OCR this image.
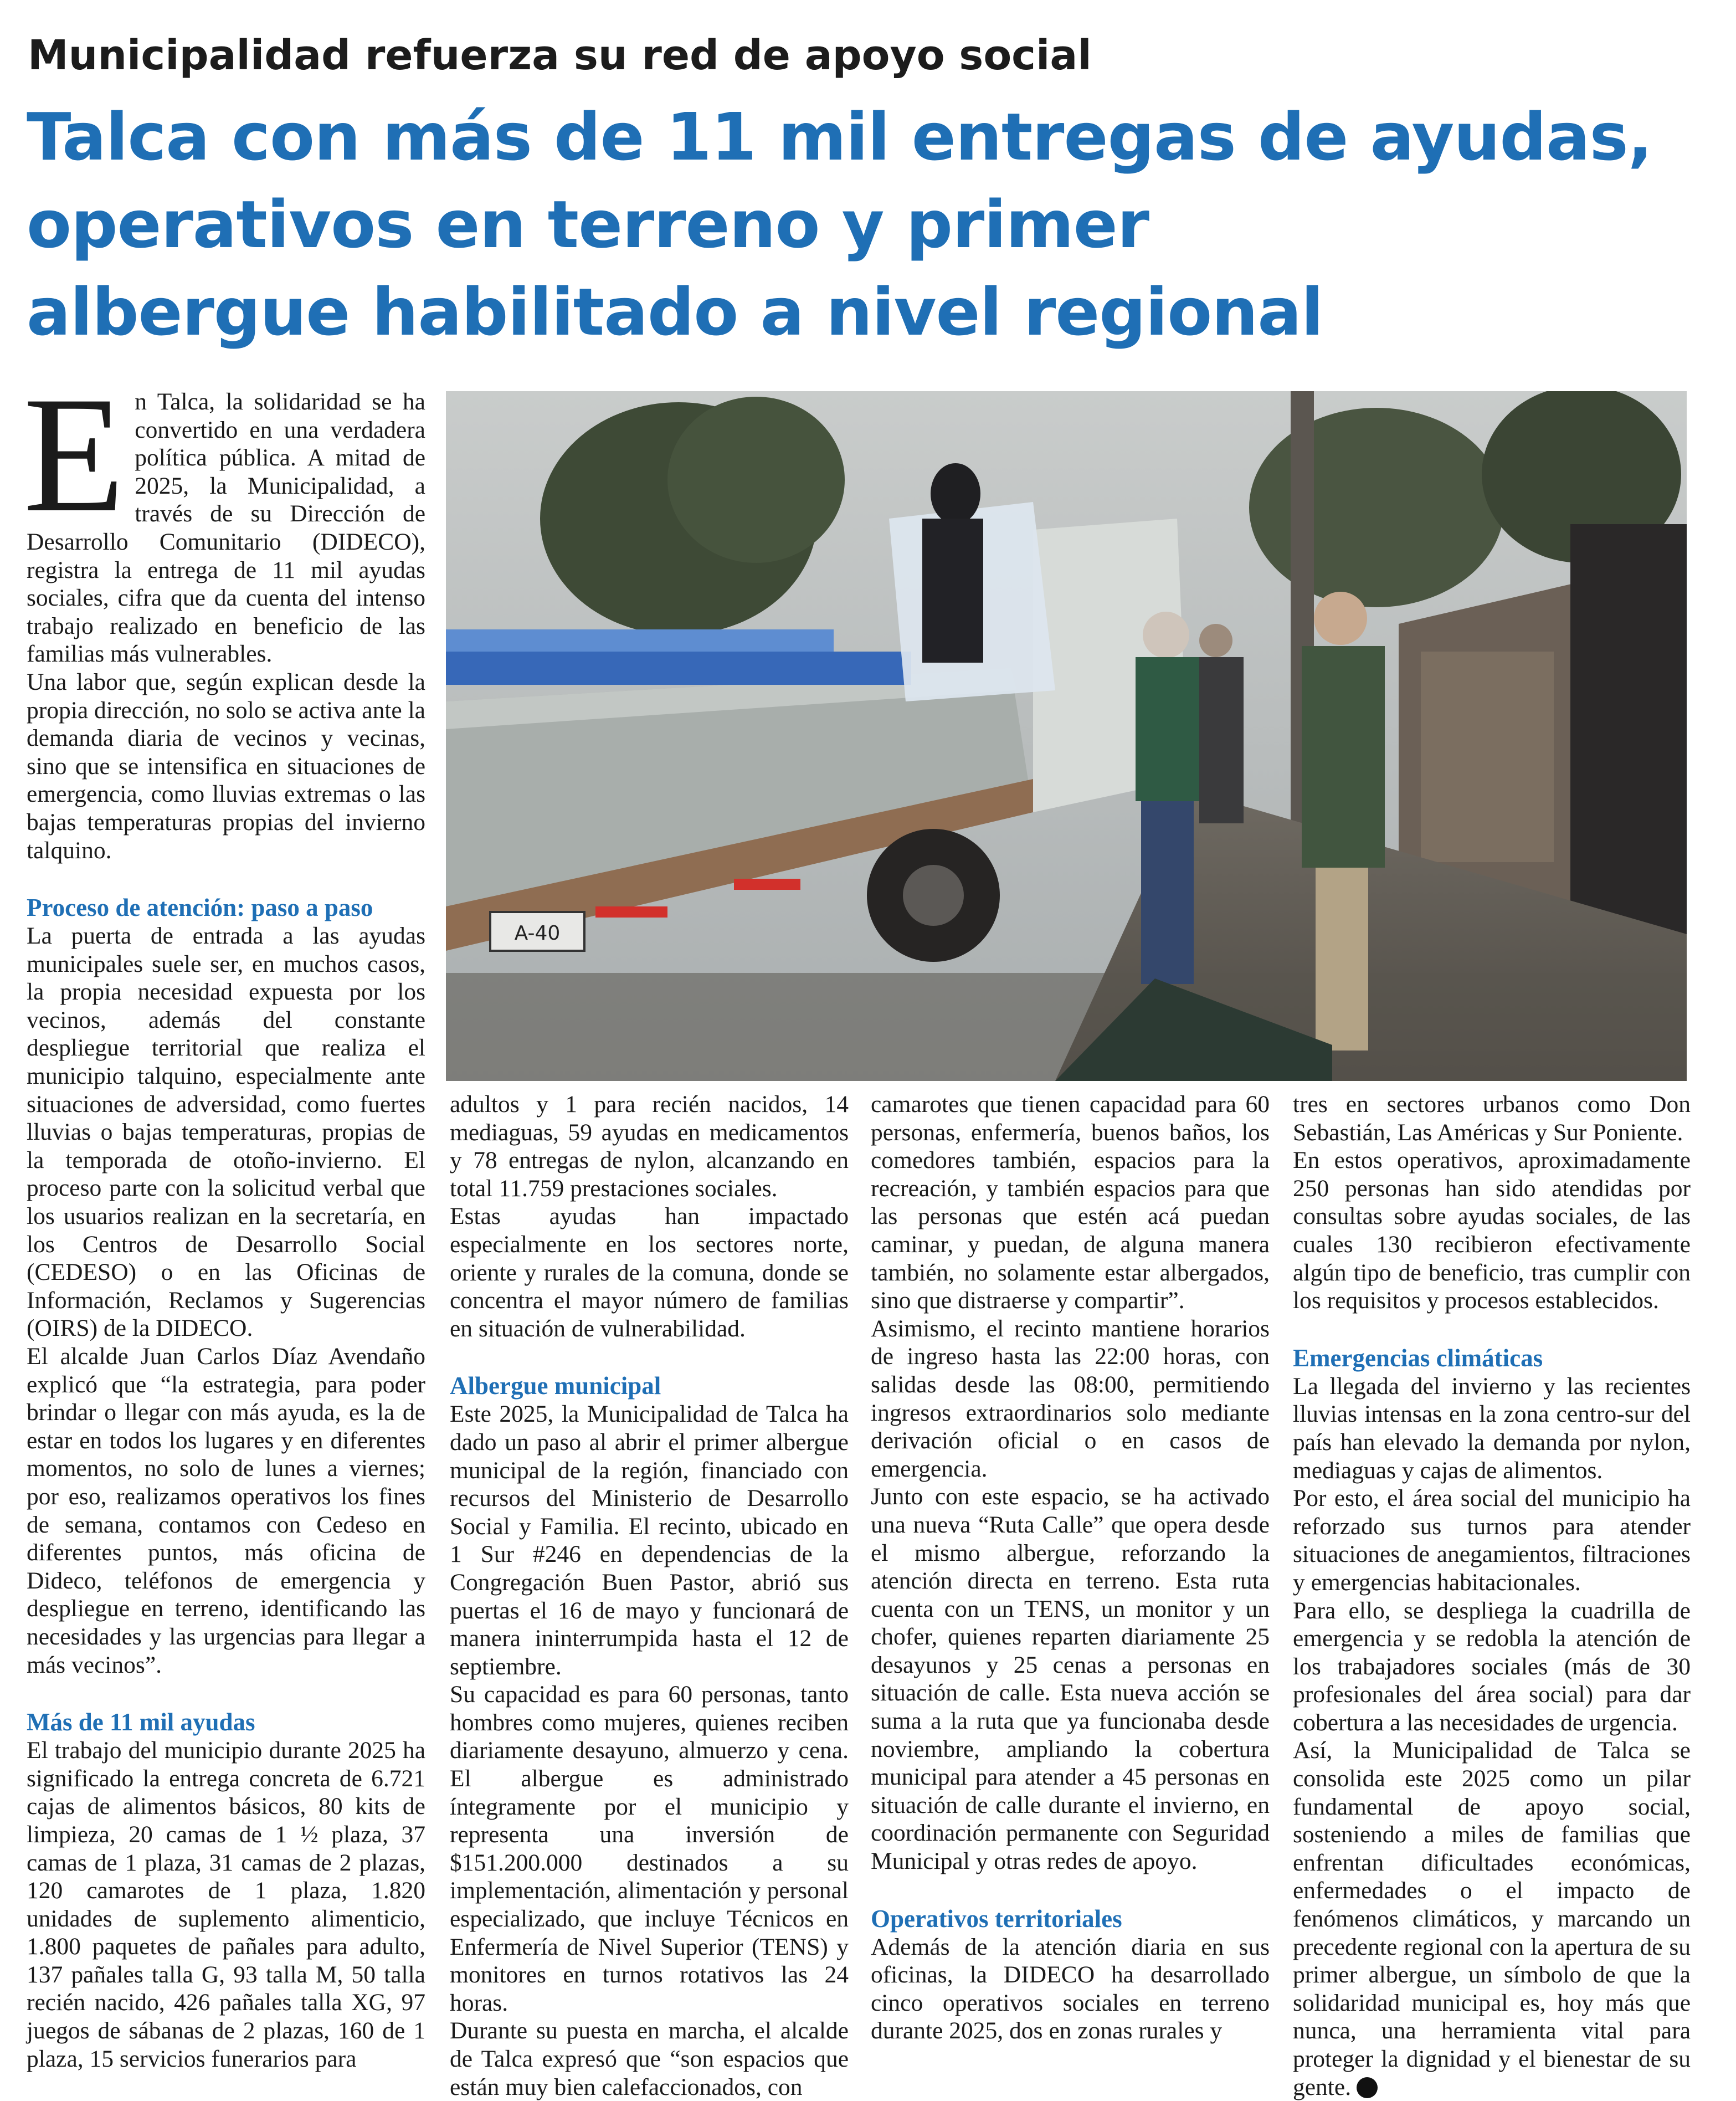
Municipalidad refuerza su red de apoyo social
Talca con más de 11 mil entregas de ayudas,
operativos en terreno y primer
albergue habilitado a nivel regional
A-40
E n Talca, la solidaridad se ha convertido en una verdadera política pública. A mitad de 2025, la Municipalidad, a través de su Dirección de Desarrollo Comunitario (DIDECO), registra la entrega de 11 mil ayudas sociales, cifra que da cuenta del intenso trabajo realizado en beneficio de las familias más vulnerables.

Una labor que, según explican desde la propia dirección, no solo se activa ante la demanda diaria de vecinos y vecinas, sino que se intensifica en situaciones de emergencia, como lluvias extremas o las bajas temperaturas propias del invierno talquino.

Proceso de atención: paso a paso

La puerta de entrada a las ayudas municipales suele ser, en muchos casos, la propia necesidad expuesta por los vecinos, además del constante despliegue territorial que realiza el municipio talquino, especialmente ante situaciones de adversidad, como fuertes lluvias o bajas temperaturas, propias de la temporada de otoño-invierno. El proceso parte con la solicitud verbal que los usuarios realizan en la secretaría, en los Centros de Desarrollo Social (CEDESO) o en las Oficinas de Información, Reclamos y Sugerencias (OIRS) de la DIDECO.

El alcalde Juan Carlos Díaz Avendaño explicó que “la estrategia, para poder brindar o llegar con más ayuda, es la de estar en todos los lugares y en diferentes momentos, no solo de lunes a viernes; por eso, realizamos operativos los fines de semana, contamos con Cedeso en diferentes puntos, más oficina de Dideco, teléfonos de emergencia y despliegue en terreno, identificando las necesidades y las urgencias para llegar a más vecinos”.

Más de 11 mil ayudas

El trabajo del municipio durante 2025 ha significado la entrega concreta de 6.721 cajas de alimentos básicos, 80 kits de limpieza, 20 camas de 1 ½ plaza, 37 camas de 1 plaza, 31 camas de 2 plazas, 120 camarotes de 1 plaza, 1.820 unidades de suplemento alimenticio, 1.800 paquetes de pañales para adulto, 137 pañales talla G, 93 talla M, 50 talla recién nacido, 426 pañales talla XG, 97 juegos de sábanas de 2 plazas, 160 de 1 plaza, 15 servicios funerarios para

adultos y 1 para recién nacidos, 14 mediaguas, 59 ayudas en medicamentos y 78 entregas de nylon, alcanzando en total 11.759 prestaciones sociales.

Estas ayudas han impactado especialmente en los sectores norte, oriente y rurales de la comuna, donde se concentra el mayor número de familias en situación de vulnerabilidad.

Albergue municipal

Este 2025, la Municipalidad de Talca ha dado un paso al abrir el primer albergue municipal de la región, financiado con recursos del Ministerio de Desarrollo Social y Familia. El recinto, ubicado en 1 Sur #246 en dependencias de la Congregación Buen Pastor, abrió sus puertas el 16 de mayo y funcionará de manera ininterrumpida hasta el 12 de septiembre.

Su capacidad es para 60 personas, tanto hombres como mujeres, quienes reciben diariamente desayuno, almuerzo y cena. El albergue es administrado íntegramente por el municipio y representa una inversión de $151.200.000 destinados a su implementación, alimentación y personal especializado, que incluye Técnicos en Enfermería de Nivel Superior (TENS) y monitores en turnos rotativos las 24 horas.

Durante su puesta en marcha, el alcalde de Talca expresó que “son espacios que están muy bien calefaccionados, con

camarotes que tienen capacidad para 60 personas, enfermería, buenos baños, los comedores también, espacios para la recreación, y también espacios para que las personas que estén acá puedan caminar, y puedan, de alguna manera también, no solamente estar albergados, sino que distraerse y compartir”.

Asimismo, el recinto mantiene horarios de ingreso hasta las 22:00 horas, con salidas desde las 08:00, permitiendo ingresos extraordinarios solo mediante derivación oficial o en casos de emergencia.

Junto con este espacio, se ha activado una nueva “Ruta Calle” que opera desde el mismo albergue, reforzando la atención directa en terreno. Esta ruta cuenta con un TENS, un monitor y un chofer, quienes reparten diariamente 25 desayunos y 25 cenas a personas en situación de calle. Esta nueva acción se suma a la ruta que ya funcionaba desde noviembre, ampliando la cobertura municipal para atender a 45 personas en situación de calle durante el invierno, en coordinación permanente con Seguridad Municipal y otras redes de apoyo.

Operativos territoriales

Además de la atención diaria en sus oficinas, la DIDECO ha desarrollado cinco operativos sociales en terreno durante 2025, dos en zonas rurales y

tres en sectores urbanos como Don Sebastián, Las Américas y Sur Poniente.

En estos operativos, aproximadamente 250 personas han sido atendidas por consultas sobre ayudas sociales, de las cuales 130 recibieron efectivamente algún tipo de beneficio, tras cumplir con los requisitos y procesos establecidos.

Emergencias climáticas

La llegada del invierno y las recientes lluvias intensas en la zona centro-sur del país han elevado la demanda por nylon, mediaguas y cajas de alimentos.

Por esto, el área social del municipio ha reforzado sus turnos para atender situaciones de anegamientos, filtraciones y emergencias habitacionales.

Para ello, se despliega la cuadrilla de emergencia y se redobla la atención de los trabajadores sociales (más de 30 profesionales del área social) para dar cobertura a las necesidades de urgencia.

Así, la Municipalidad de Talca se consolida este 2025 como un pilar fundamental de apoyo social, sosteniendo a miles de familias que enfrentan dificultades económicas, enfermedades o el impacto de fenómenos climáticos, y marcando un precedente regional con la apertura de su primer albergue, un símbolo de que la solidaridad municipal es, hoy más que nunca, una herramienta vital para proteger la dignidad y el bienestar de su gente.
